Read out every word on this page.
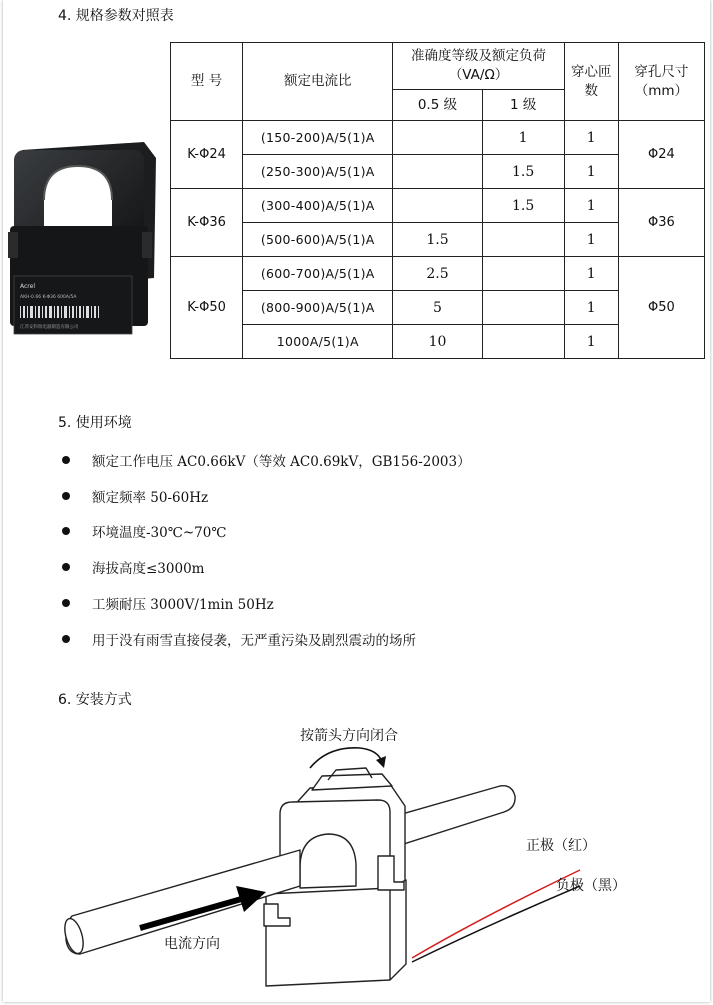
4. 规格参数对照表
Acrel
AKH-0.66 K-Φ36 600A/5A
江苏安科瑞电器制造有限公司
型 号	额定电流比	准确度等级及额定负荷（VA/Ω）		穿心匝数	穿孔尺寸（mm）
		0.5 级	1 级		
K-Φ24	(150-200)A/5(1)A		1	1	Φ24
	(250-300)A/5(1)A		1.5	1	
K-Φ36	(300-400)A/5(1)A		1.5	1	Φ36
	(500-600)A/5(1)A	1.5		1	
K-Φ50	(600-700)A/5(1)A	2.5		1	Φ50
	(800-900)A/5(1)A	5		1	
	1000A/5(1)A	10		1	
5. 使用环境
额定工作电压 AC0.66kV（等效 AC0.69kV，GB156-2003）
额定频率 50-60Hz
环境温度-30℃~70℃
海拔高度≤3000m
工频耐压 3000V/1min 50Hz
用于没有雨雪直接侵袭，无严重污染及剧烈震动的场所
6. 安装方式
按箭头方向闭合
正极（红）
负极（黑）
电流方向
